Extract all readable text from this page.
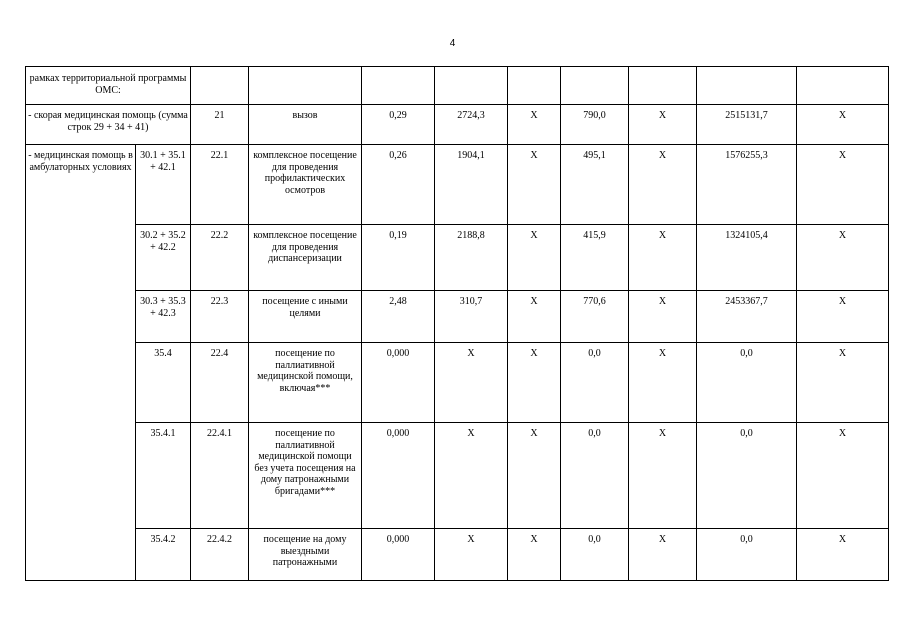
4
рамках территориальной программы ОМС:										
- скорая медицинская помощь (сумма строк 29 + 34 + 41)		21	вызов	0,29	2724,3	X	790,0	X	2515131,7	X
- медицинская помощь в амбулаторных условиях	30.1 + 35.1 + 42.1	22.1	комплексное посещение для проведения профилактических осмотров	0,26	1904,1	X	495,1	X	1576255,3	X
	30.2 + 35.2 + 42.2	22.2	комплексное посещение для проведения диспансеризации	0,19	2188,8	X	415,9	X	1324105,4	X
	30.3 + 35.3 + 42.3	22.3	посещение с иными целями	2,48	310,7	X	770,6	X	2453367,7	X
	35.4	22.4	посещение по паллиативной медицинской помощи, включая***	0,000	X	X	0,0	X	0,0	X
	35.4.1	22.4.1	посещение по паллиативной медицинской помощи без учета посещения на дому патронажными бригадами***	0,000	X	X	0,0	X	0,0	X
	35.4.2	22.4.2	посещение на дому выездными патронажными	0,000	X	X	0,0	X	0,0	X
